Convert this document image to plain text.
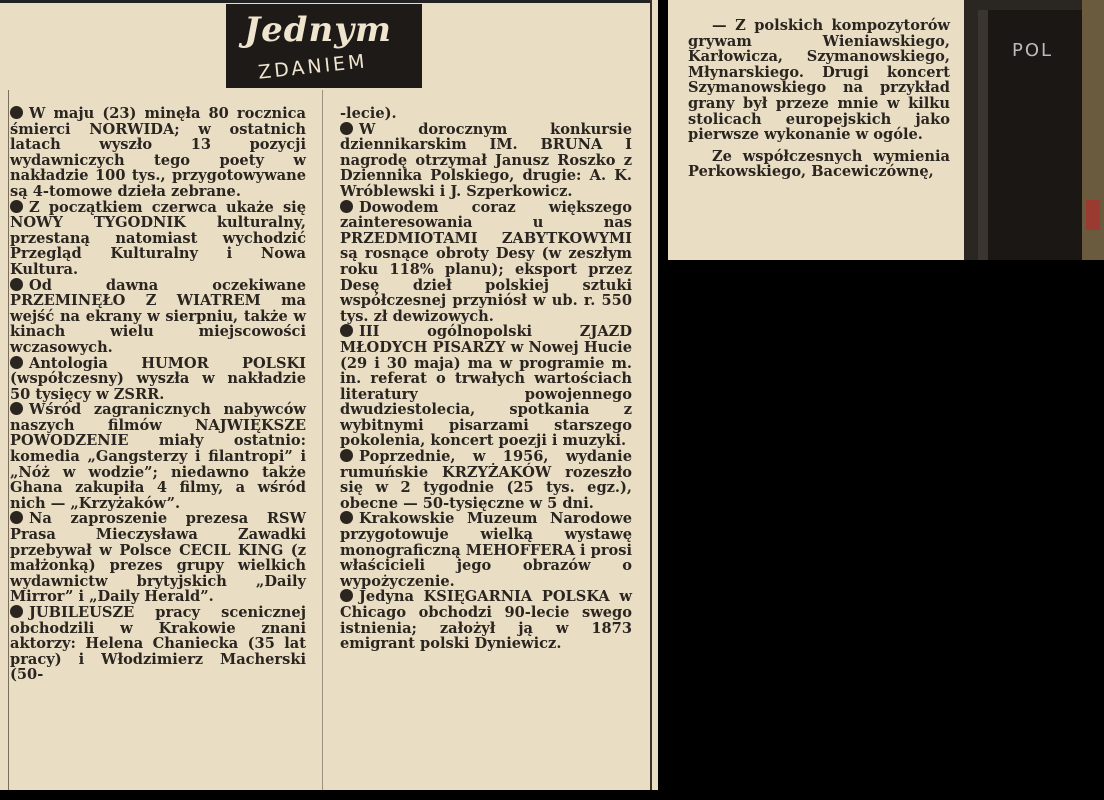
Jednym
ZDANIEM

W maju (23) minęła 80 rocznica śmierci NORWIDA; w ostatnich latach wyszło 13 pozycji wydawniczych tego poety w nakładzie 100 tys., przygotowywane są 4-tomowe dzieła zebrane.

Z początkiem czerwca ukaże się NOWY TYGODNIK kulturalny, przestaną natomiast wychodzić Przegląd Kulturalny i Nowa Kultura.

Od dawna oczekiwane PRZEMINĘŁO Z WIATREM ma wejść na ekrany w sierpniu, także w kinach wielu miejscowości wczasowych.

Antologia HUMOR POLSKI (współczesny) wyszła w nakładzie 50 tysięcy w ZSRR.

Wśród zagranicznych nabywców naszych filmów NAJWIĘKSZE POWODZENIE miały ostatnio: komedia „Gangsterzy i filantropi” i „Nóż w wodzie”; niedawno także Ghana zakupiła 4 filmy, a wśród nich — „Krzyżaków”.

Na zaproszenie prezesa RSW Prasa Mieczysława Zawadki przebywał w Polsce CECIL KING (z małżonką) prezes grupy wielkich wydawnictw brytyjskich „Daily Mirror” i „Daily Herald”.

JUBILEUSZE pracy scenicznej obchodzili w Krakowie znani aktorzy: Helena Chaniecka (35 lat pracy) i Włodzimierz Macherski (50-

-lecie).

W dorocznym konkursie dziennikarskim IM. BRUNA I nagrodę otrzymał Janusz Roszko z Dziennika Polskiego, drugie: A. K. Wróblewski i J. Szperkowicz.

Dowodem coraz większego zainteresowania u nas PRZEDMIOTAMI ZABYTKOWYMI są rosnące obroty Desy (w zeszłym roku 118% planu); eksport przez Desę dzieł polskiej sztuki współczesnej przyniósł w ub. r. 550 tys. zł dewizowych.

III ogólnopolski ZJAZD MŁODYCH PISARZY w Nowej Hucie (29 i 30 maja) ma w programie m. in. referat o trwałych wartościach literatury powojennego dwudziestolecia, spotkania z wybitnymi pisarzami starszego pokolenia, koncert poezji i muzyki.

Poprzednie, w 1956, wydanie rumuńskie KRZYŻAKÓW rozeszło się w 2 tygodnie (25 tys. egz.), obecne — 50-tysięczne w 5 dni.

Krakowskie Muzeum Narodowe przygotowuje wielką wystawę monograficzną MEHOFFERA i prosi właścicieli jego obrazów o wypożyczenie.

Jedyna KSIĘGARNIA POLSKA w Chicago obchodzi 90-lecie swego istnienia; założył ją w 1873 emigrant polski Dyniewicz.

— Z polskich kompozytorów grywam Wieniawskiego, Karłowicza, Szymanowskiego, Młynarskiego. Drugi koncert Szymanowskiego na przykład grany był przeze mnie w kilku stolicach europejskich jako pierwsze wykonanie w ogóle.

Ze współczesnych wymienia Perkowskiego, Bacewiczównę,

POL
